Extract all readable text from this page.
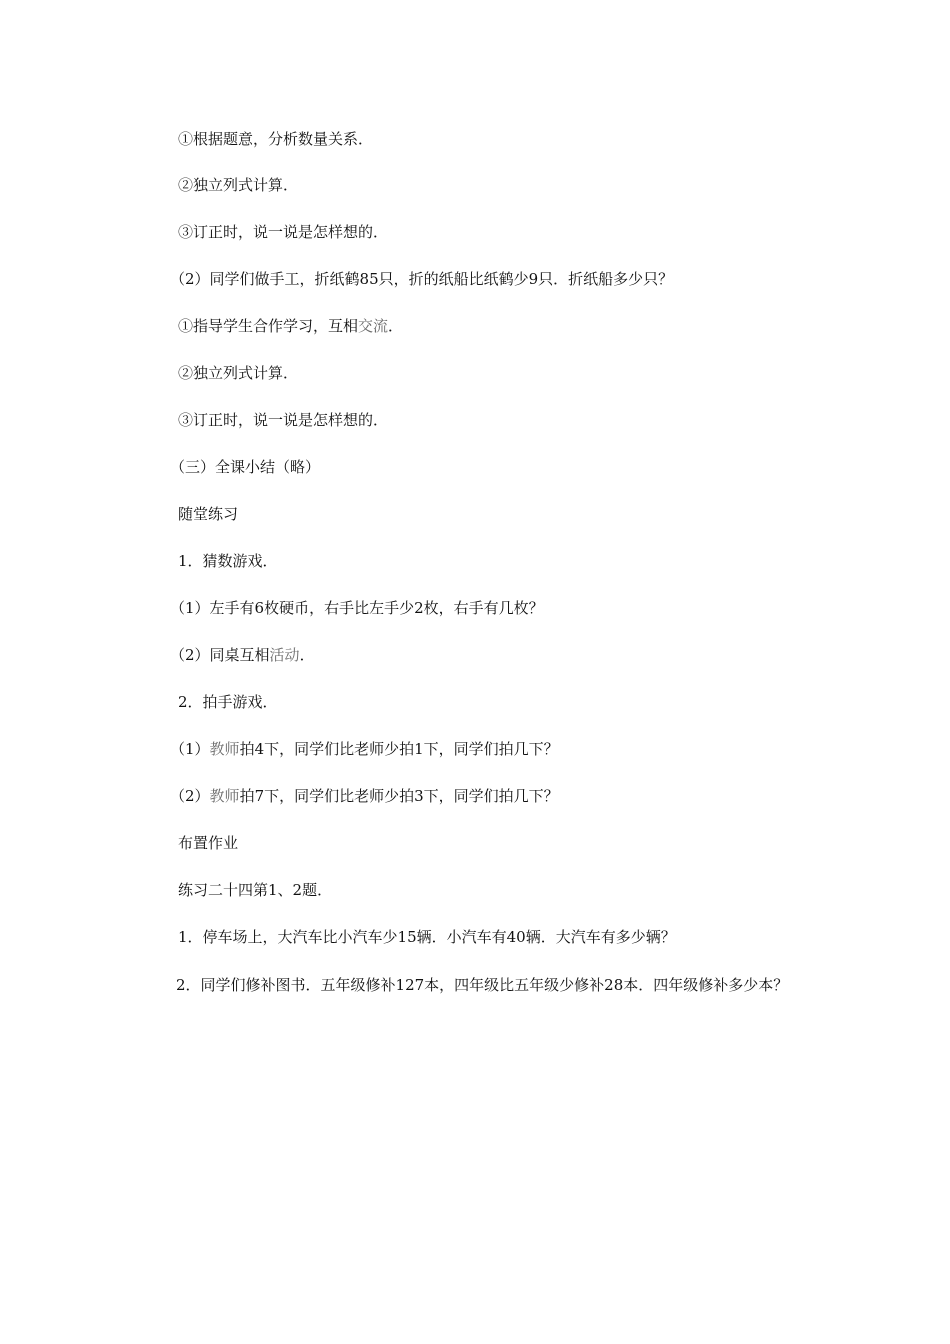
①根据题意，分析数量关系．
②独立列式计算．
③订正时，说一说是怎样想的．
（2）同学们做手工，折纸鹤85只，折的纸船比纸鹤少9只．折纸船多少只？
①指导学生合作学习，互相交流．
②独立列式计算．
③订正时，说一说是怎样想的．
（三）全课小结（略）
随堂练习
1．猜数游戏．
（1）左手有6枚硬币，右手比左手少2枚，右手有几枚？
（2）同桌互相活动．
2．拍手游戏．
（1）教师拍4下，同学们比老师少拍1下，同学们拍几下？
（2）教师拍7下，同学们比老师少拍3下，同学们拍几下？
布置作业
练习二十四第1、2题．
1．停车场上，大汽车比小汽车少15辆．小汽车有40辆．大汽车有多少辆？
2．同学们修补图书．五年级修补127本，四年级比五年级少修补28本．四年级修补多少本？
